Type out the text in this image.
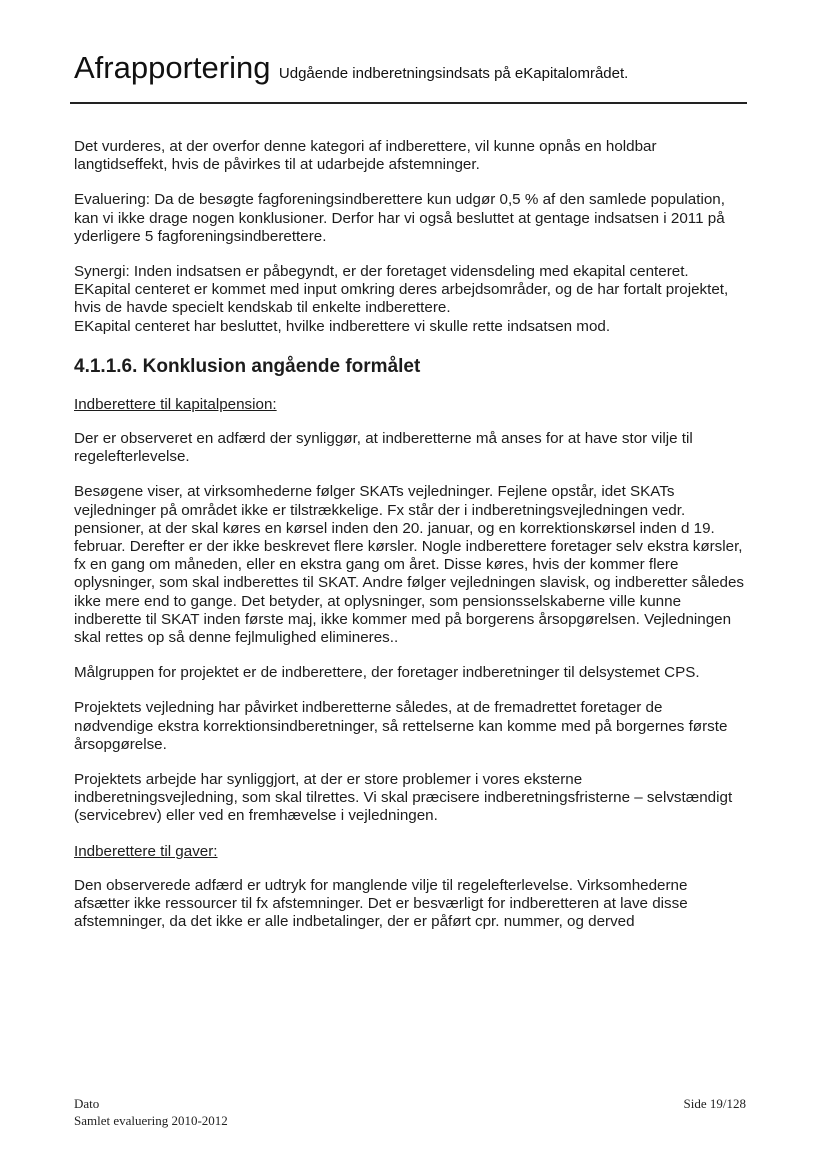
Afrapportering Udgående indberetningsindsats på eKapitalområdet.

Det vurderes, at der overfor denne kategori af indberettere, vil kunne opnås en holdbar langtidseffekt, hvis de påvirkes til at udarbejde afstemninger.

Evaluering: Da de besøgte fagforeningsindberettere kun udgør 0,5 % af den samlede population, kan vi ikke drage nogen konklusioner. Derfor har vi også besluttet at gentage indsatsen i 2011 på yderligere 5 fagforeningsindberettere.

Synergi: Inden indsatsen er påbegyndt, er der foretaget vidensdeling med ekapital centeret. EKapital centeret er kommet med input omkring deres arbejdsområder, og de har fortalt projektet, hvis de havde specielt kendskab til enkelte indberettere.

EKapital centeret har besluttet, hvilke indberettere vi skulle rette indsatsen mod.

4.1.1.6. Konklusion angående formålet
Indberettere til kapitalpension:

Der er observeret en adfærd der synliggør, at indberetterne må anses for at have stor vilje til regelefterlevelse.

Besøgene viser, at virksomhederne følger SKATs vejledninger. Fejlene opstår, idet SKATs vejledninger på området ikke er tilstrækkelige. Fx står der i indberetningsvejledningen vedr. pensioner, at der skal køres en kørsel inden den 20. januar, og en korrektionskørsel inden d 19. februar. Derefter er der ikke beskrevet flere kørsler. Nogle indberettere foretager selv ekstra kørsler, fx en gang om måneden, eller en ekstra gang om året. Disse køres, hvis der kommer flere oplysninger, som skal indberettes til SKAT. Andre følger vejledningen slavisk, og indberetter således ikke mere end to gange. Det betyder, at oplysninger, som pensionsselskaberne ville kunne indberette til SKAT inden første maj, ikke kommer med på borgerens årsopgørelsen. Vejledningen skal rettes op så denne fejlmulighed elimineres..

Målgruppen for projektet er de indberettere, der foretager indberetninger til delsystemet CPS.

Projektets vejledning har påvirket indberetterne således, at de fremadrettet foretager de nødvendige ekstra korrektionsindberetninger, så rettelserne kan komme med på borgernes første årsopgørelse.

Projektets arbejde har synliggjort, at der er store problemer i vores eksterne indberetningsvejledning, som skal tilrettes. Vi skal præcisere indberetningsfristerne – selvstændigt (servicebrev) eller ved en fremhævelse i vejledningen.

Indberettere til gaver:

Den observerede adfærd er udtryk for manglende vilje til regelefterlevelse. Virksomhederne afsætter ikke ressourcer til fx afstemninger. Det er besværligt for indberetteren at lave disse afstemninger, da det ikke er alle indbetalinger, der er påført cpr. nummer, og derved

Dato
Samlet evaluering 2010-2012
Side 19/128
